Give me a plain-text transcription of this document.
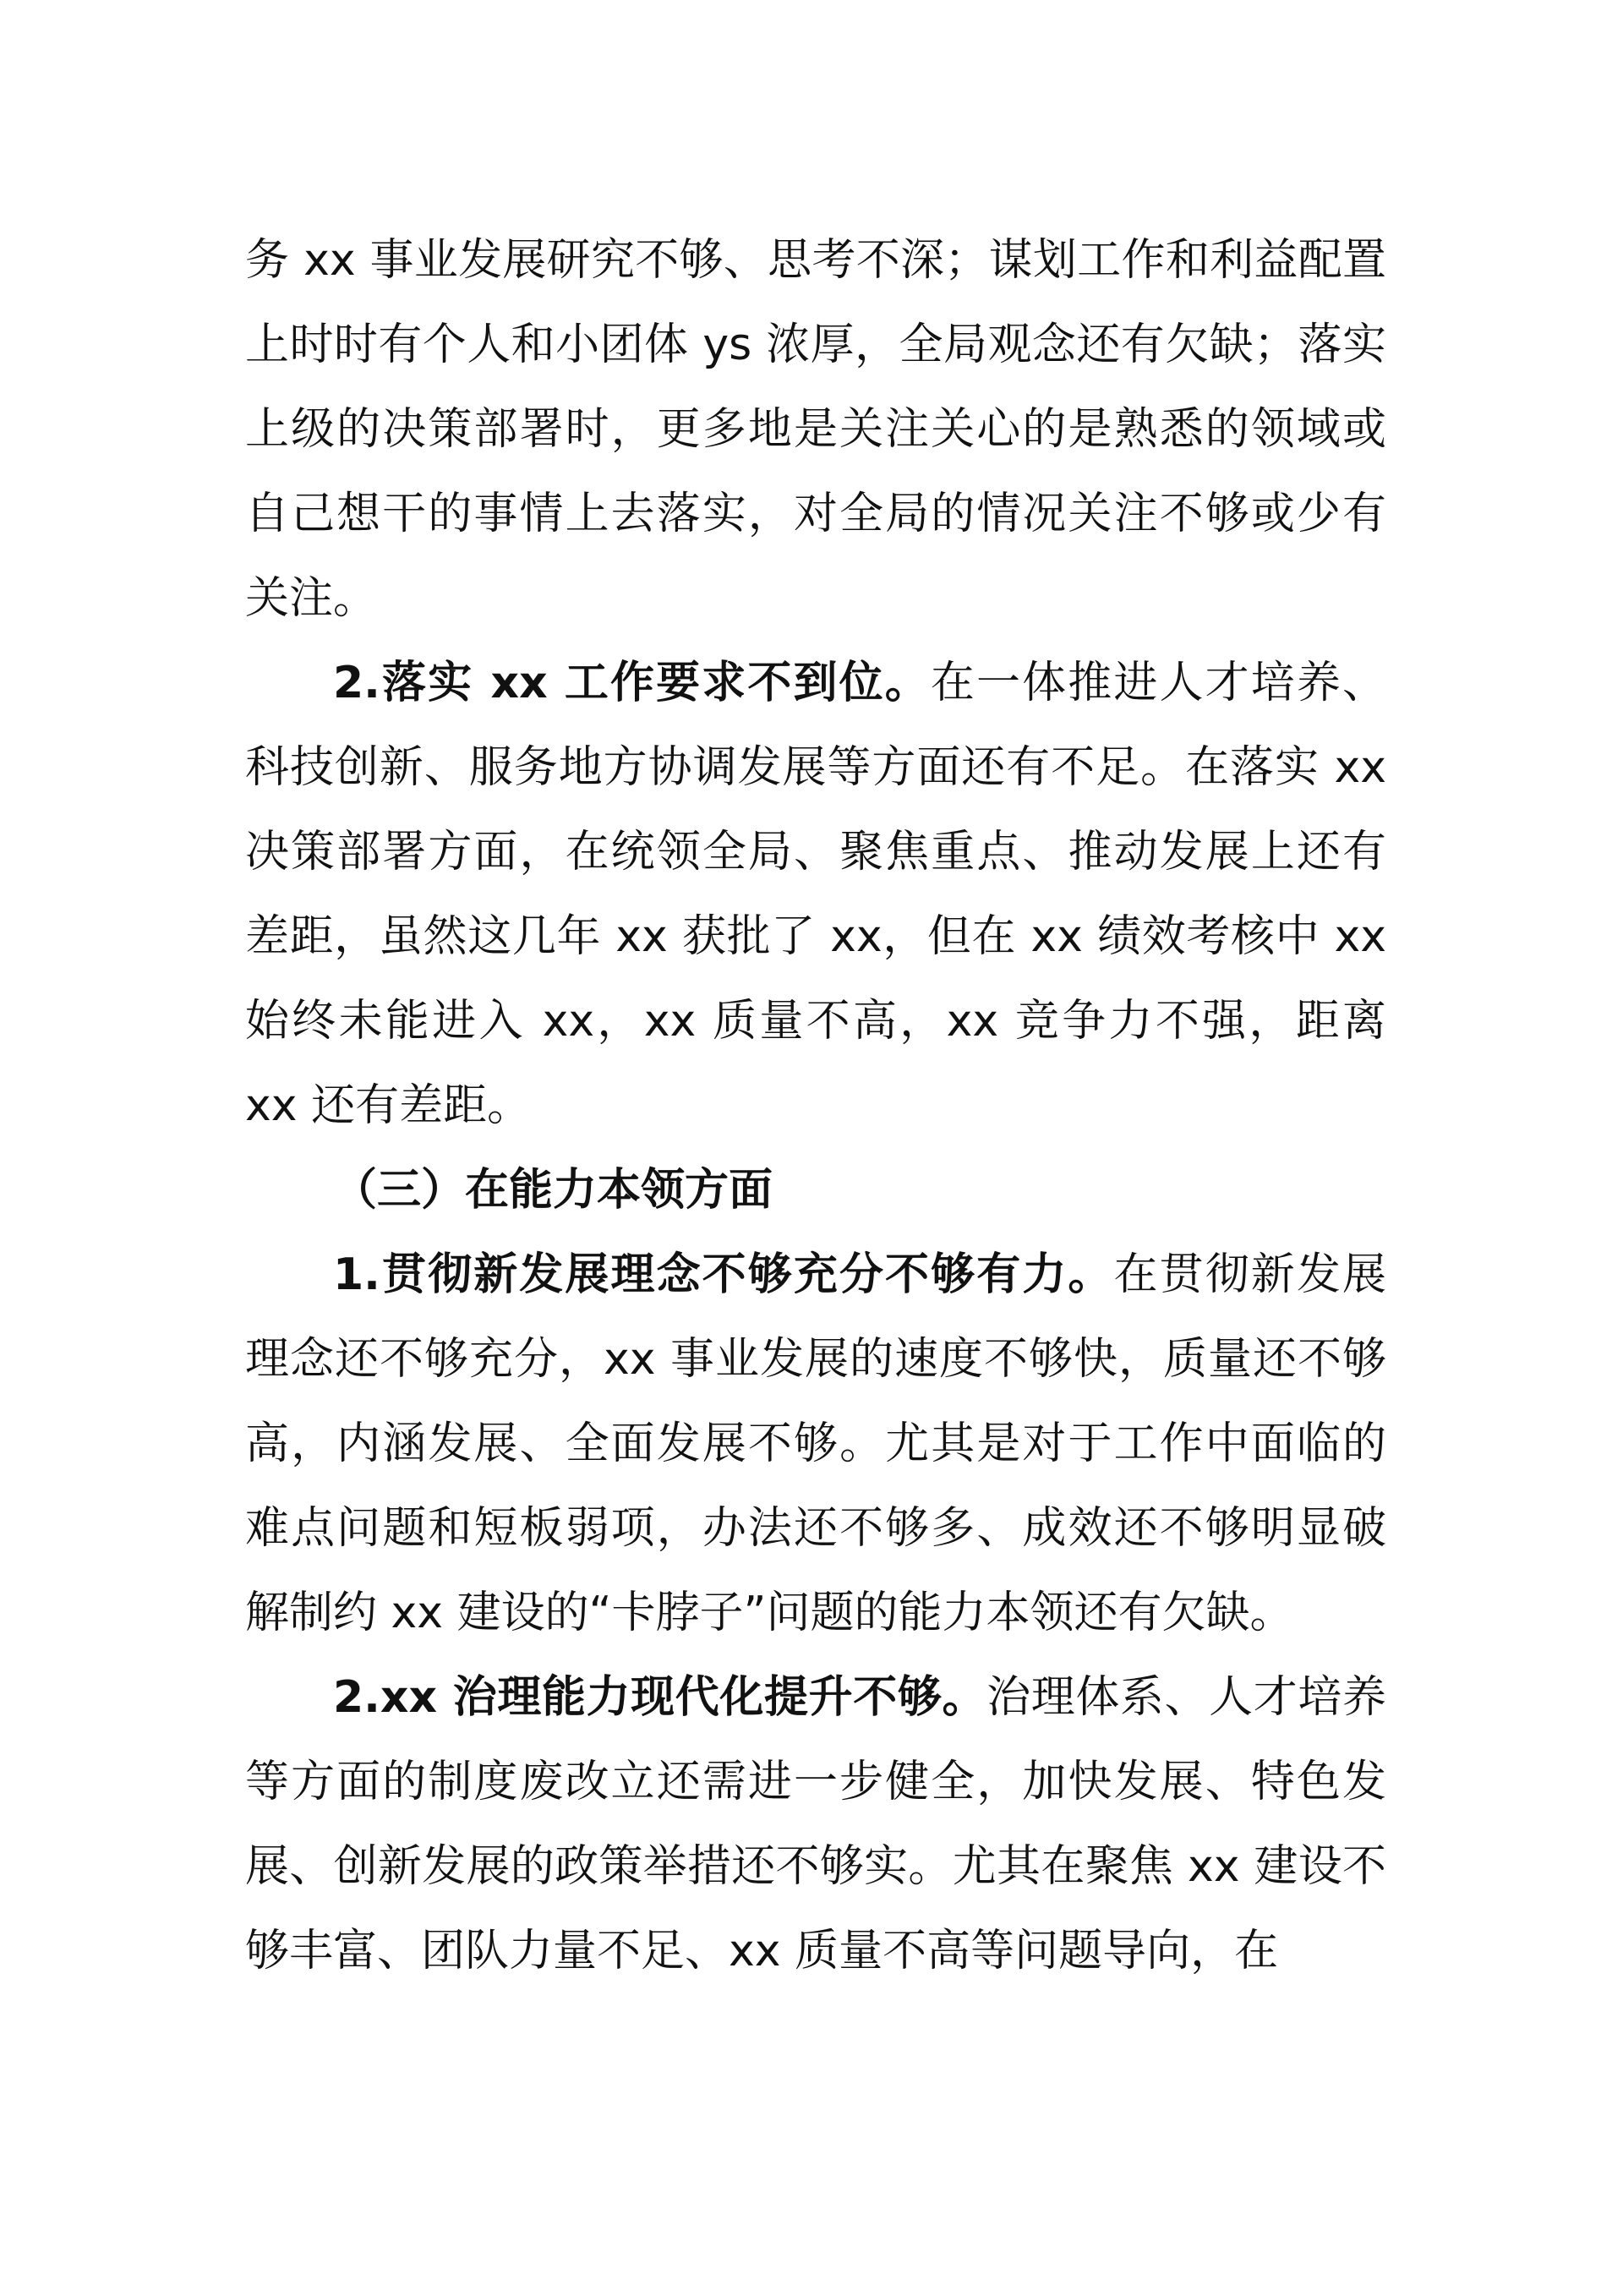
务 xx 事业发展研究不够、思考不深；谋划工作和利益配置上时时有个人和小团体 ys 浓厚，全局观念还有欠缺；落实上级的决策部署时，更多地是关注关心的是熟悉的领域或自己想干的事情上去落实，对全局的情况关注不够或少有关注。

2.落实 xx 工作要求不到位。在一体推进人才培养、科技创新、服务地方协调发展等方面还有不足。在落实 xx 决策部署方面，在统领全局、聚焦重点、推动发展上还有差距，虽然这几年 xx 获批了 xx，但在 xx 绩效考核中 xx 始终未能进入 xx，xx 质量不高，xx 竞争力不强，距离 xx 还有差距。

（三）在能力本领方面

1.贯彻新发展理念不够充分不够有力。在贯彻新发展理念还不够充分，xx 事业发展的速度不够快，质量还不够高，内涵发展、全面发展不够。尤其是对于工作中面临的难点问题和短板弱项，办法还不够多、成效还不够明显破解制约 xx 建设的“卡脖子”问题的能力本领还有欠缺。

2.xx 治理能力现代化提升不够。治理体系、人才培养等方面的制度废改立还需进一步健全，加快发展、特色发展、创新发展的政策举措还不够实。尤其在聚焦 xx 建设不够丰富、团队力量不足、xx 质量不高等问题导向，在
